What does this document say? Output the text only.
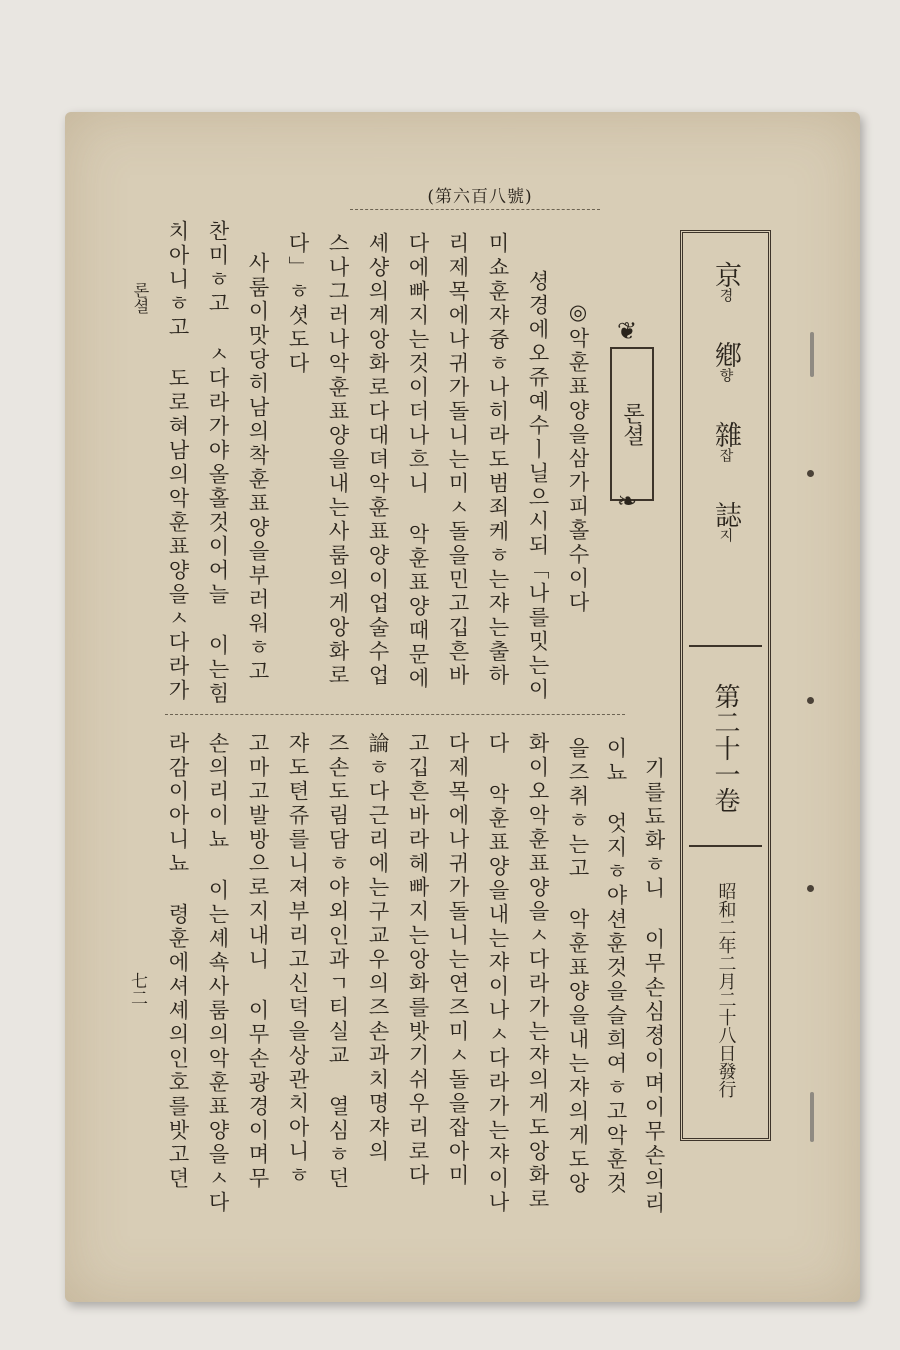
(第六百八號)
京
경
鄕
향
雜
잡
誌
지
第二十一卷
昭和二年二月二十八日發行
❦
론셜
❧
◎악훈표양을삼가피홀수이다
셩경에오쥬예수ㅣ닐으시되「나를밋는이
미쇼훈쟈즁ㅎ나히라도범죄케ㅎ는쟈는출하
리제목에나귀가돌니는미ㅅ돌을민고깁흔바
다에빠지는것이더나흐니 악훈표양때문에
셰샹의계앙화로다대뎌악훈표양이업술수업
스나그러나악훈표양을내는사룸의게앙화로
다」ㅎ셧도다
사룸이맛당히남의착훈표양을부러워ㅎ고
찬미ㅎ고 ㅅ다라가야올홀것이어늘 이는힘
치아니ㅎ고 도로혀남의악훈표양을ㅅ다라가
기를됴화ㅎ니 이무손심졍이며이무손의리
이뇨 엇지ㅎ야션훈것을슬희여ㅎ고악훈것
을즈취ㅎ는고 악훈표양을내는쟈의게도앙
화이오악훈표양을ㅅ다라가는쟈의게도앙화로
다 악훈표양을내는쟈이나ㅅ다라가는쟈이나
다제목에나귀가돌니는연즈미ㅅ돌을잡아미
고깁흔바라헤빠지는앙화를밧기쉬우리로다
論ㅎ다근리에는구교우의즈손과치명쟈의
즈손도림담ㅎ야외인과ㄱ티실교 열심ㅎ던
쟈도텬쥬를니져부리고신덕을상관치아니ㅎ
고마고발방으로지내니 이무손광경이며무
손의리이뇨 이는셰쇽사룸의악훈표양을ㅅ다
라감이아니뇨 령훈에셔셰의인호를밧고뎐
론셜
七二
